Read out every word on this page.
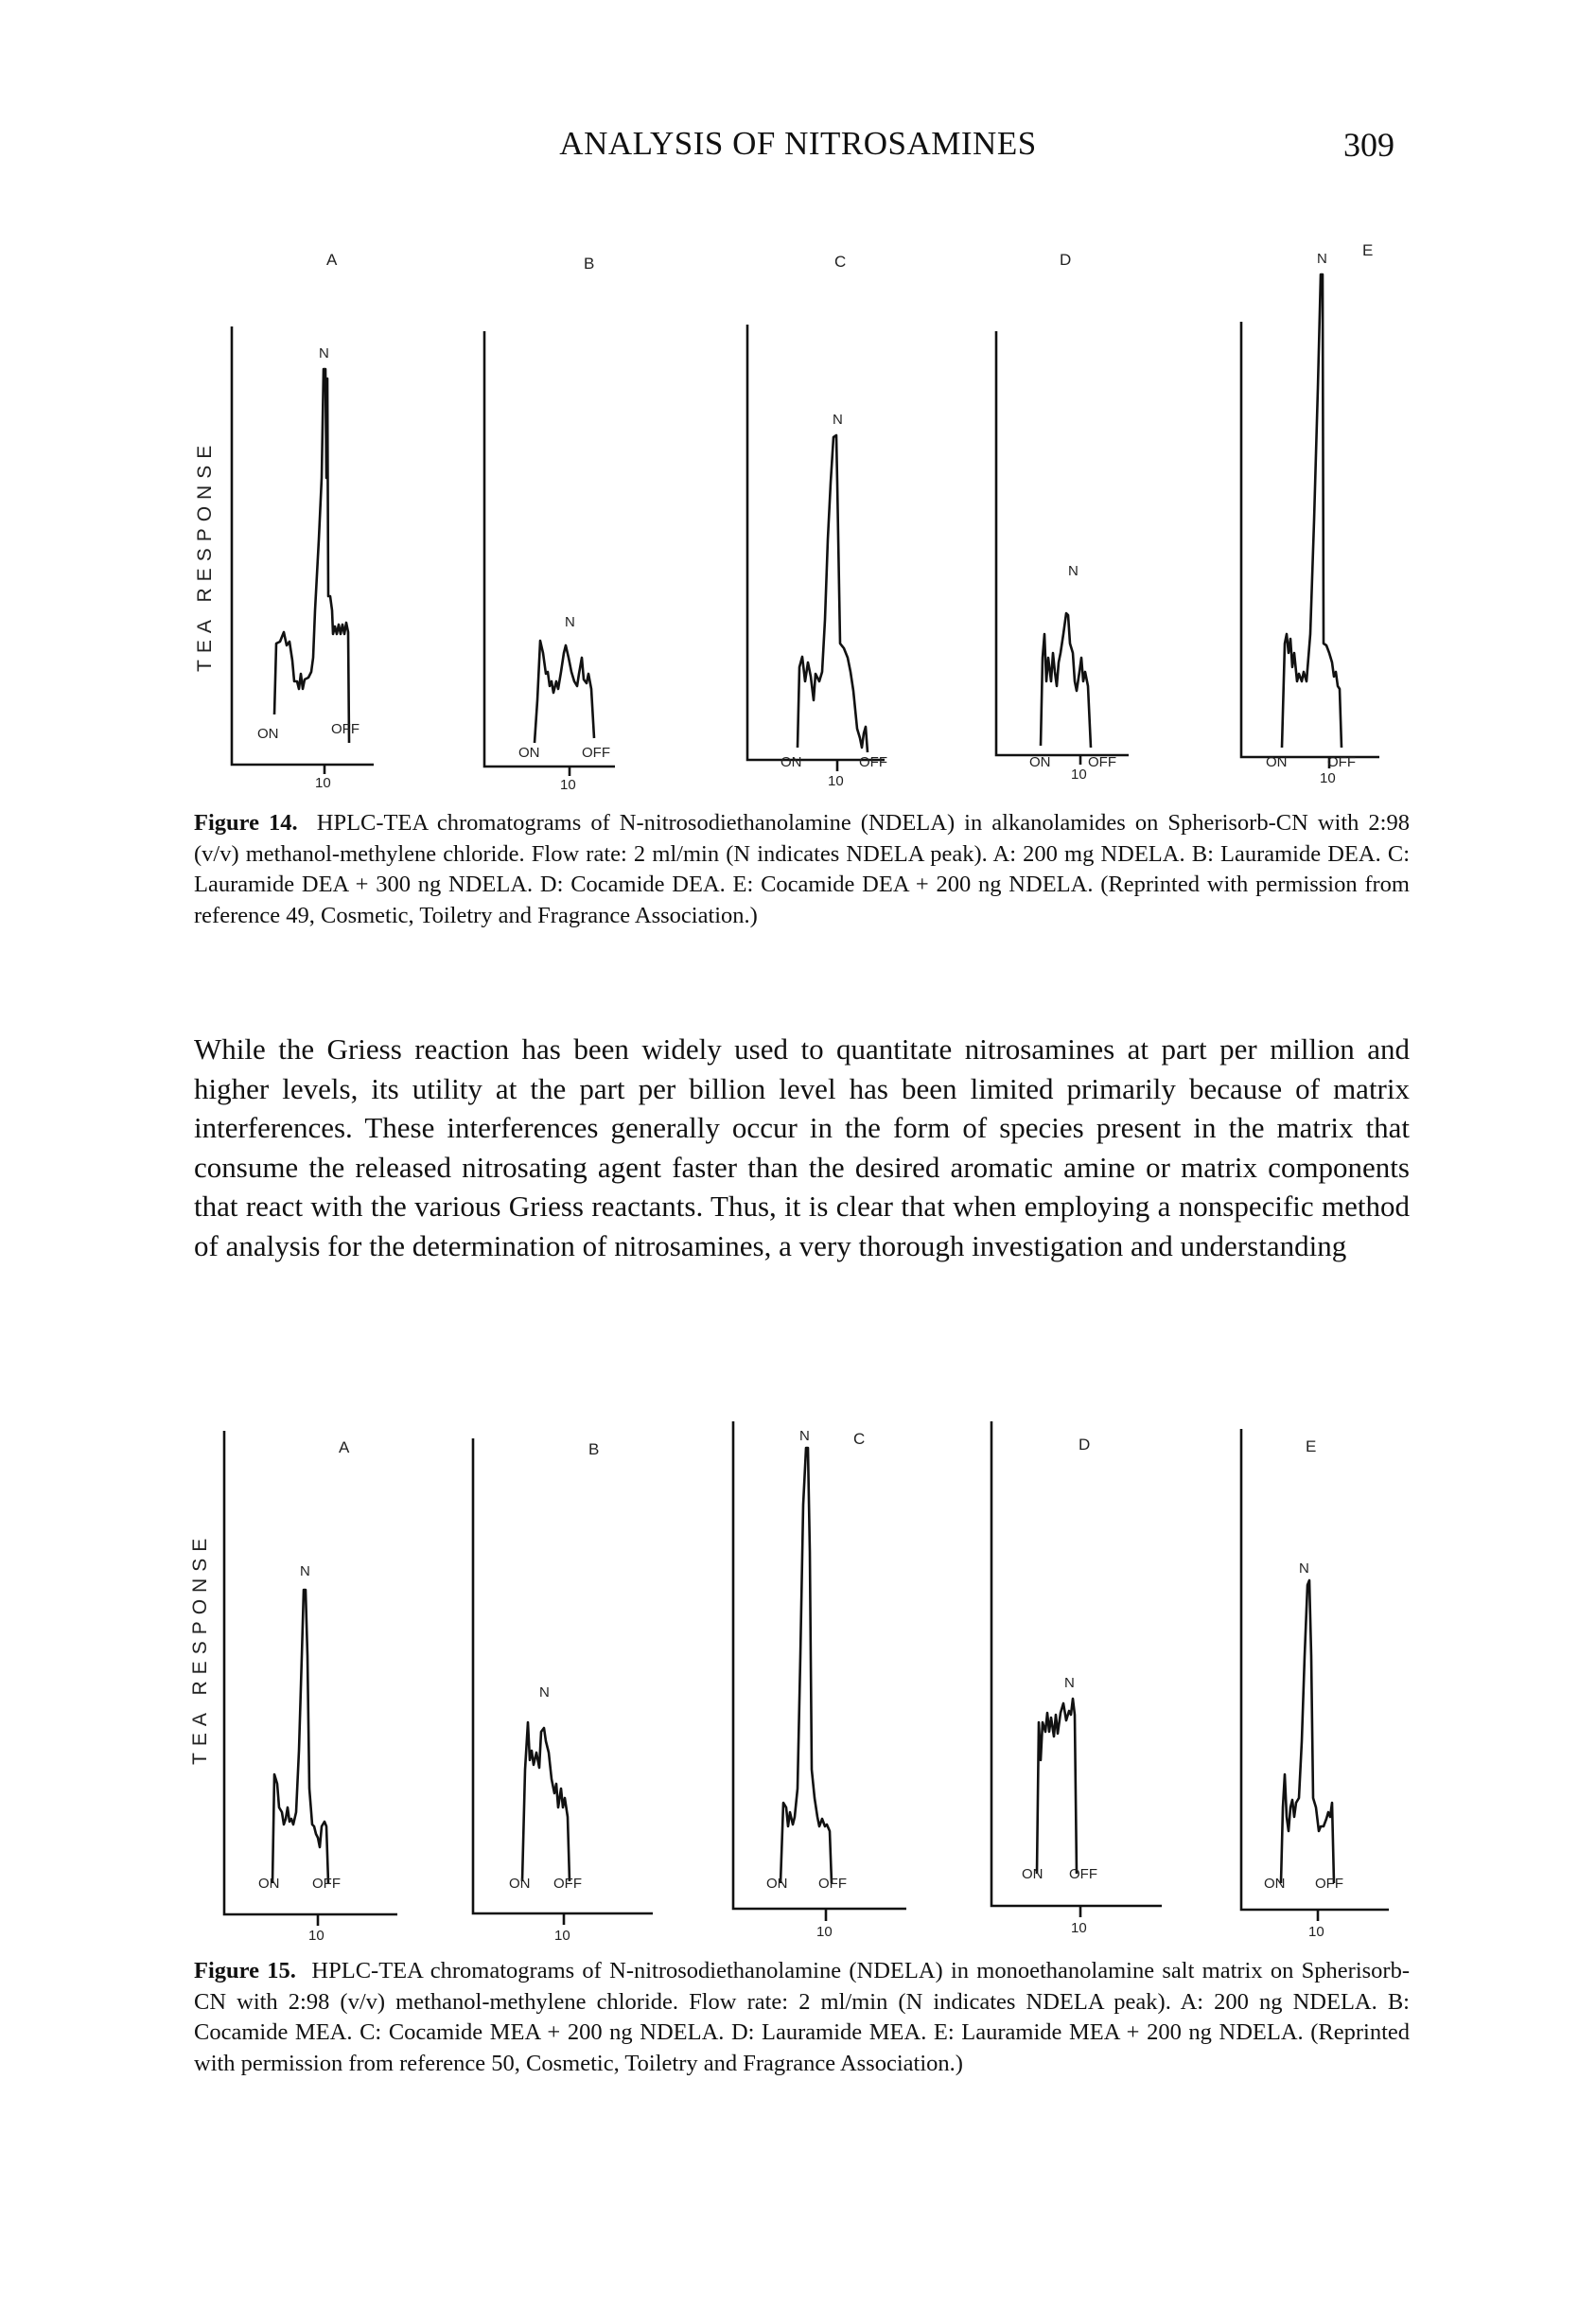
ANALYSIS OF NITROSAMINES	309
TEA RESPONSE
A
10
N
ON	OFF
B
10
N
ON	OFF
C
10
N
ON	OFF
D
10
N
ON	OFF
E
10
N
ON	OFF
Figure 14. HPLC-TEA chromatograms of N-nitrosodiethanolamine (NDELA) in alkanolamides on Spherisorb-CN with 2:98 (v/v) methanol-methylene chloride. Flow rate: 2 ml/min (N indicates NDELA peak). A: 200 mg NDELA. B: Lauramide DEA. C: Lauramide DEA + 300 ng NDELA. D: Cocamide DEA. E: Cocamide DEA + 200 ng NDELA. (Reprinted with permission from reference 49, Cosmetic, Toiletry and Fragrance Association.)
While the Griess reaction has been widely used to quantitate nitrosamines at part per million and higher levels, its utility at the part per billion level has been limited primarily because of matrix interferences. These interferences generally occur in the form of species present in the matrix that consume the released nitrosating agent faster than the desired aromatic amine or matrix components that react with the various Griess reactants. Thus, it is clear that when employing a nonspecific method of analysis for the determination of nitrosamines, a very thorough investigation and understanding
TEA RESPONSE
A
10
N
ON OFF
B
10
N
ON OFF
C
10
N
ON OFF
D
10
N
ON OFF
E
10
N
ON OFF
Figure 15. HPLC-TEA chromatograms of N-nitrosodiethanolamine (NDELA) in monoethanolamine salt matrix on Spherisorb-CN with 2:98 (v/v) methanol-methylene chloride. Flow rate: 2 ml/min (N indicates NDELA peak). A: 200 ng NDELA. B: Cocamide MEA. C: Cocamide MEA + 200 ng NDELA. D: Lauramide MEA. E: Lauramide MEA + 200 ng NDELA. (Reprinted with permission from reference 50, Cosmetic, Toiletry and Fragrance Association.)
